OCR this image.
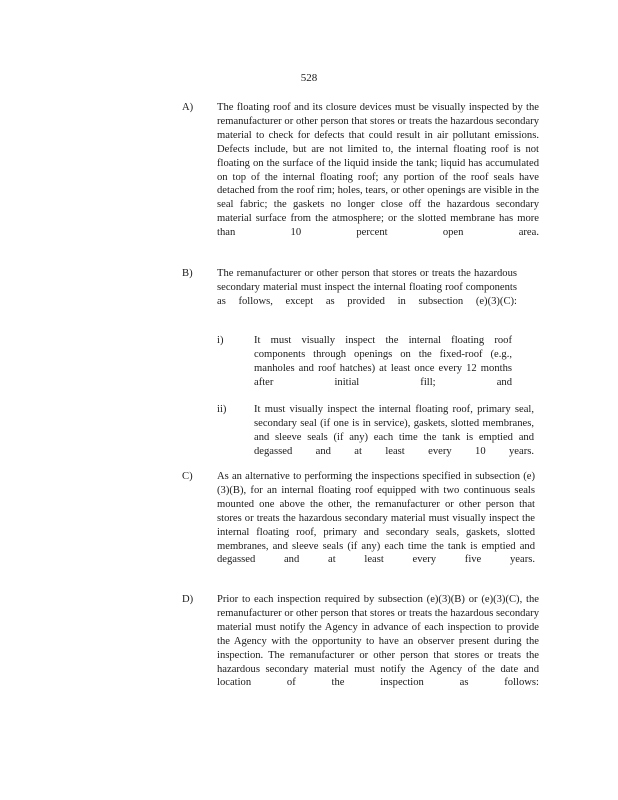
528
A) The floating roof and its closure devices must be visually inspected by the remanufacturer or other person that stores or treats the hazardous secondary material to check for defects that could result in air pollutant emissions. Defects include, but are not limited to, the internal floating roof is not floating on the surface of the liquid inside the tank; liquid has accumulated on top of the internal floating roof; any portion of the roof seals have detached from the roof rim; holes, tears, or other openings are visible in the seal fabric; the gaskets no longer close off the hazardous secondary material surface from the atmosphere; or the slotted membrane has more than 10 percent open area.
B) The remanufacturer or other person that stores or treats the hazardous secondary material must inspect the internal floating roof components as follows, except as provided in subsection (e)(3)(C):
i)	It must visually inspect the internal floating roof components through openings on the fixed-roof (e.g., manholes and roof hatches) at least once every 12 months after initial fill; and
ii)	It must visually inspect the internal floating roof, primary seal, secondary seal (if one is in service), gaskets, slotted membranes, and sleeve seals (if any) each time the tank is emptied and degassed and at least every 10 years.
C) As an alternative to performing the inspections specified in subsection (e)(3)(B), for an internal floating roof equipped with two continuous seals mounted one above the other, the remanufacturer or other person that stores or treats the hazardous secondary material must visually inspect the internal floating roof, primary and secondary seals, gaskets, slotted membranes, and sleeve seals (if any) each time the tank is emptied and degassed and at least every five years.
D) Prior to each inspection required by subsection (e)(3)(B) or (e)(3)(C), the remanufacturer or other person that stores or treats the hazardous secondary material must notify the Agency in advance of each inspection to provide the Agency with the opportunity to have an observer present during the inspection. The remanufacturer or other person that stores or treats the hazardous secondary material must notify the Agency of the date and location of the inspection as follows:
